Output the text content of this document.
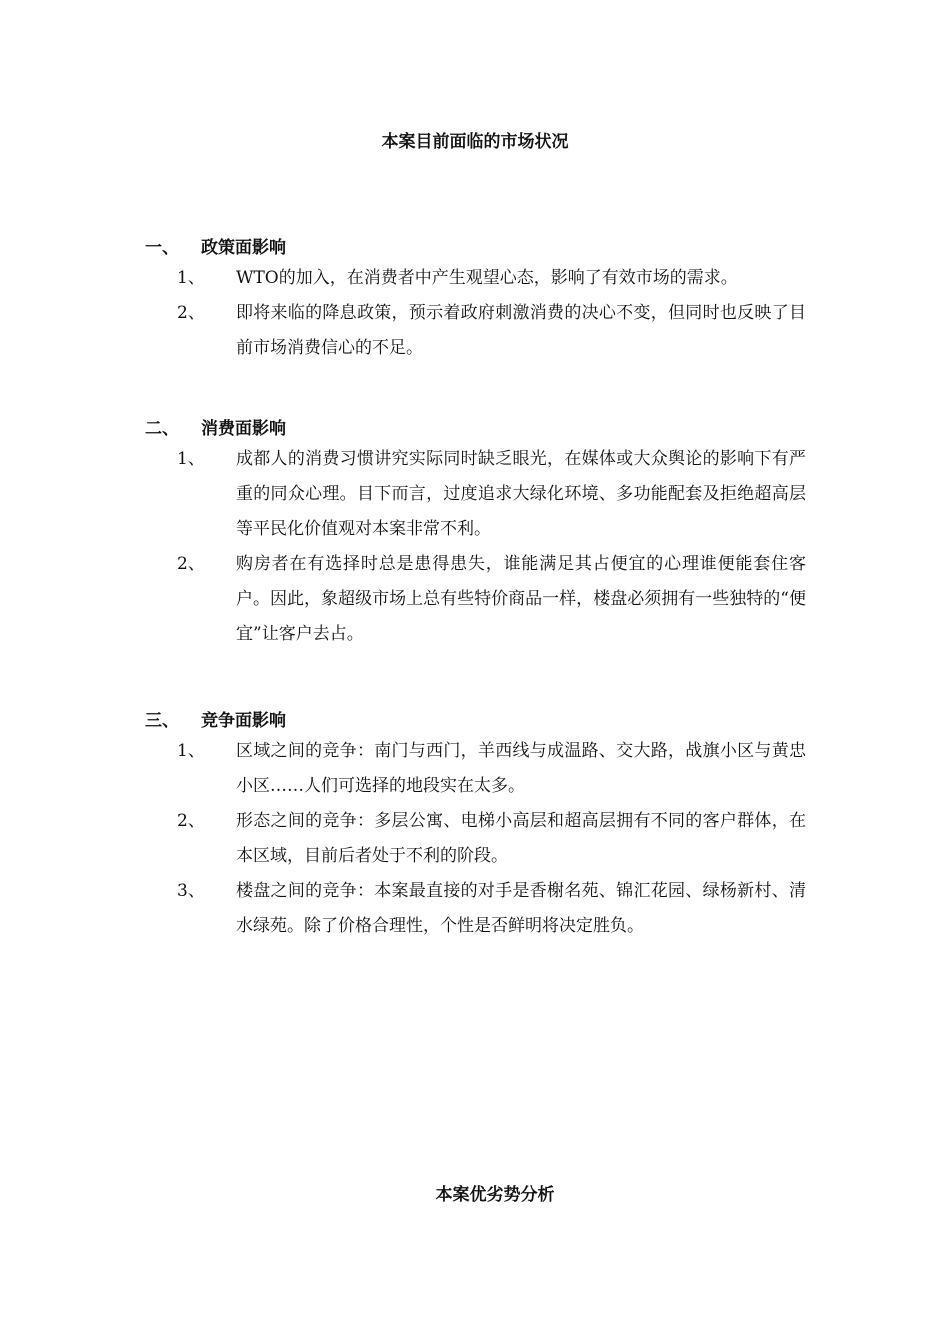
本案目前面临的市场状况
一、 政策面影响
1、 WTO的加入，在消费者中产生观望心态，影响了有效市场的需求。
2、 即将来临的降息政策，预示着政府刺激消费的决心不变，但同时也反映了目前市场消费信心的不足。
二、 消费面影响
1、 成都人的消费习惯讲究实际同时缺乏眼光，在媒体或大众舆论的影响下有严重的同众心理。目下而言，过度追求大绿化环境、多功能配套及拒绝超高层等平民化价值观对本案非常不利。
2、 购房者在有选择时总是患得患失，谁能满足其占便宜的心理谁便能套住客户。因此，象超级市场上总有些特价商品一样，楼盘必须拥有一些独特的“便宜”让客户去占。
三、 竞争面影响
1、 区域之间的竞争：南门与西门，羊西线与成温路、交大路，战旗小区与黄忠小区……人们可选择的地段实在太多。
2、 形态之间的竞争：多层公寓、电梯小高层和超高层拥有不同的客户群体，在本区域，目前后者处于不利的阶段。
3、 楼盘之间的竞争：本案最直接的对手是香榭名苑、锦汇花园、绿杨新村、清水绿苑。除了价格合理性，个性是否鲜明将决定胜负。
本案优劣势分析
